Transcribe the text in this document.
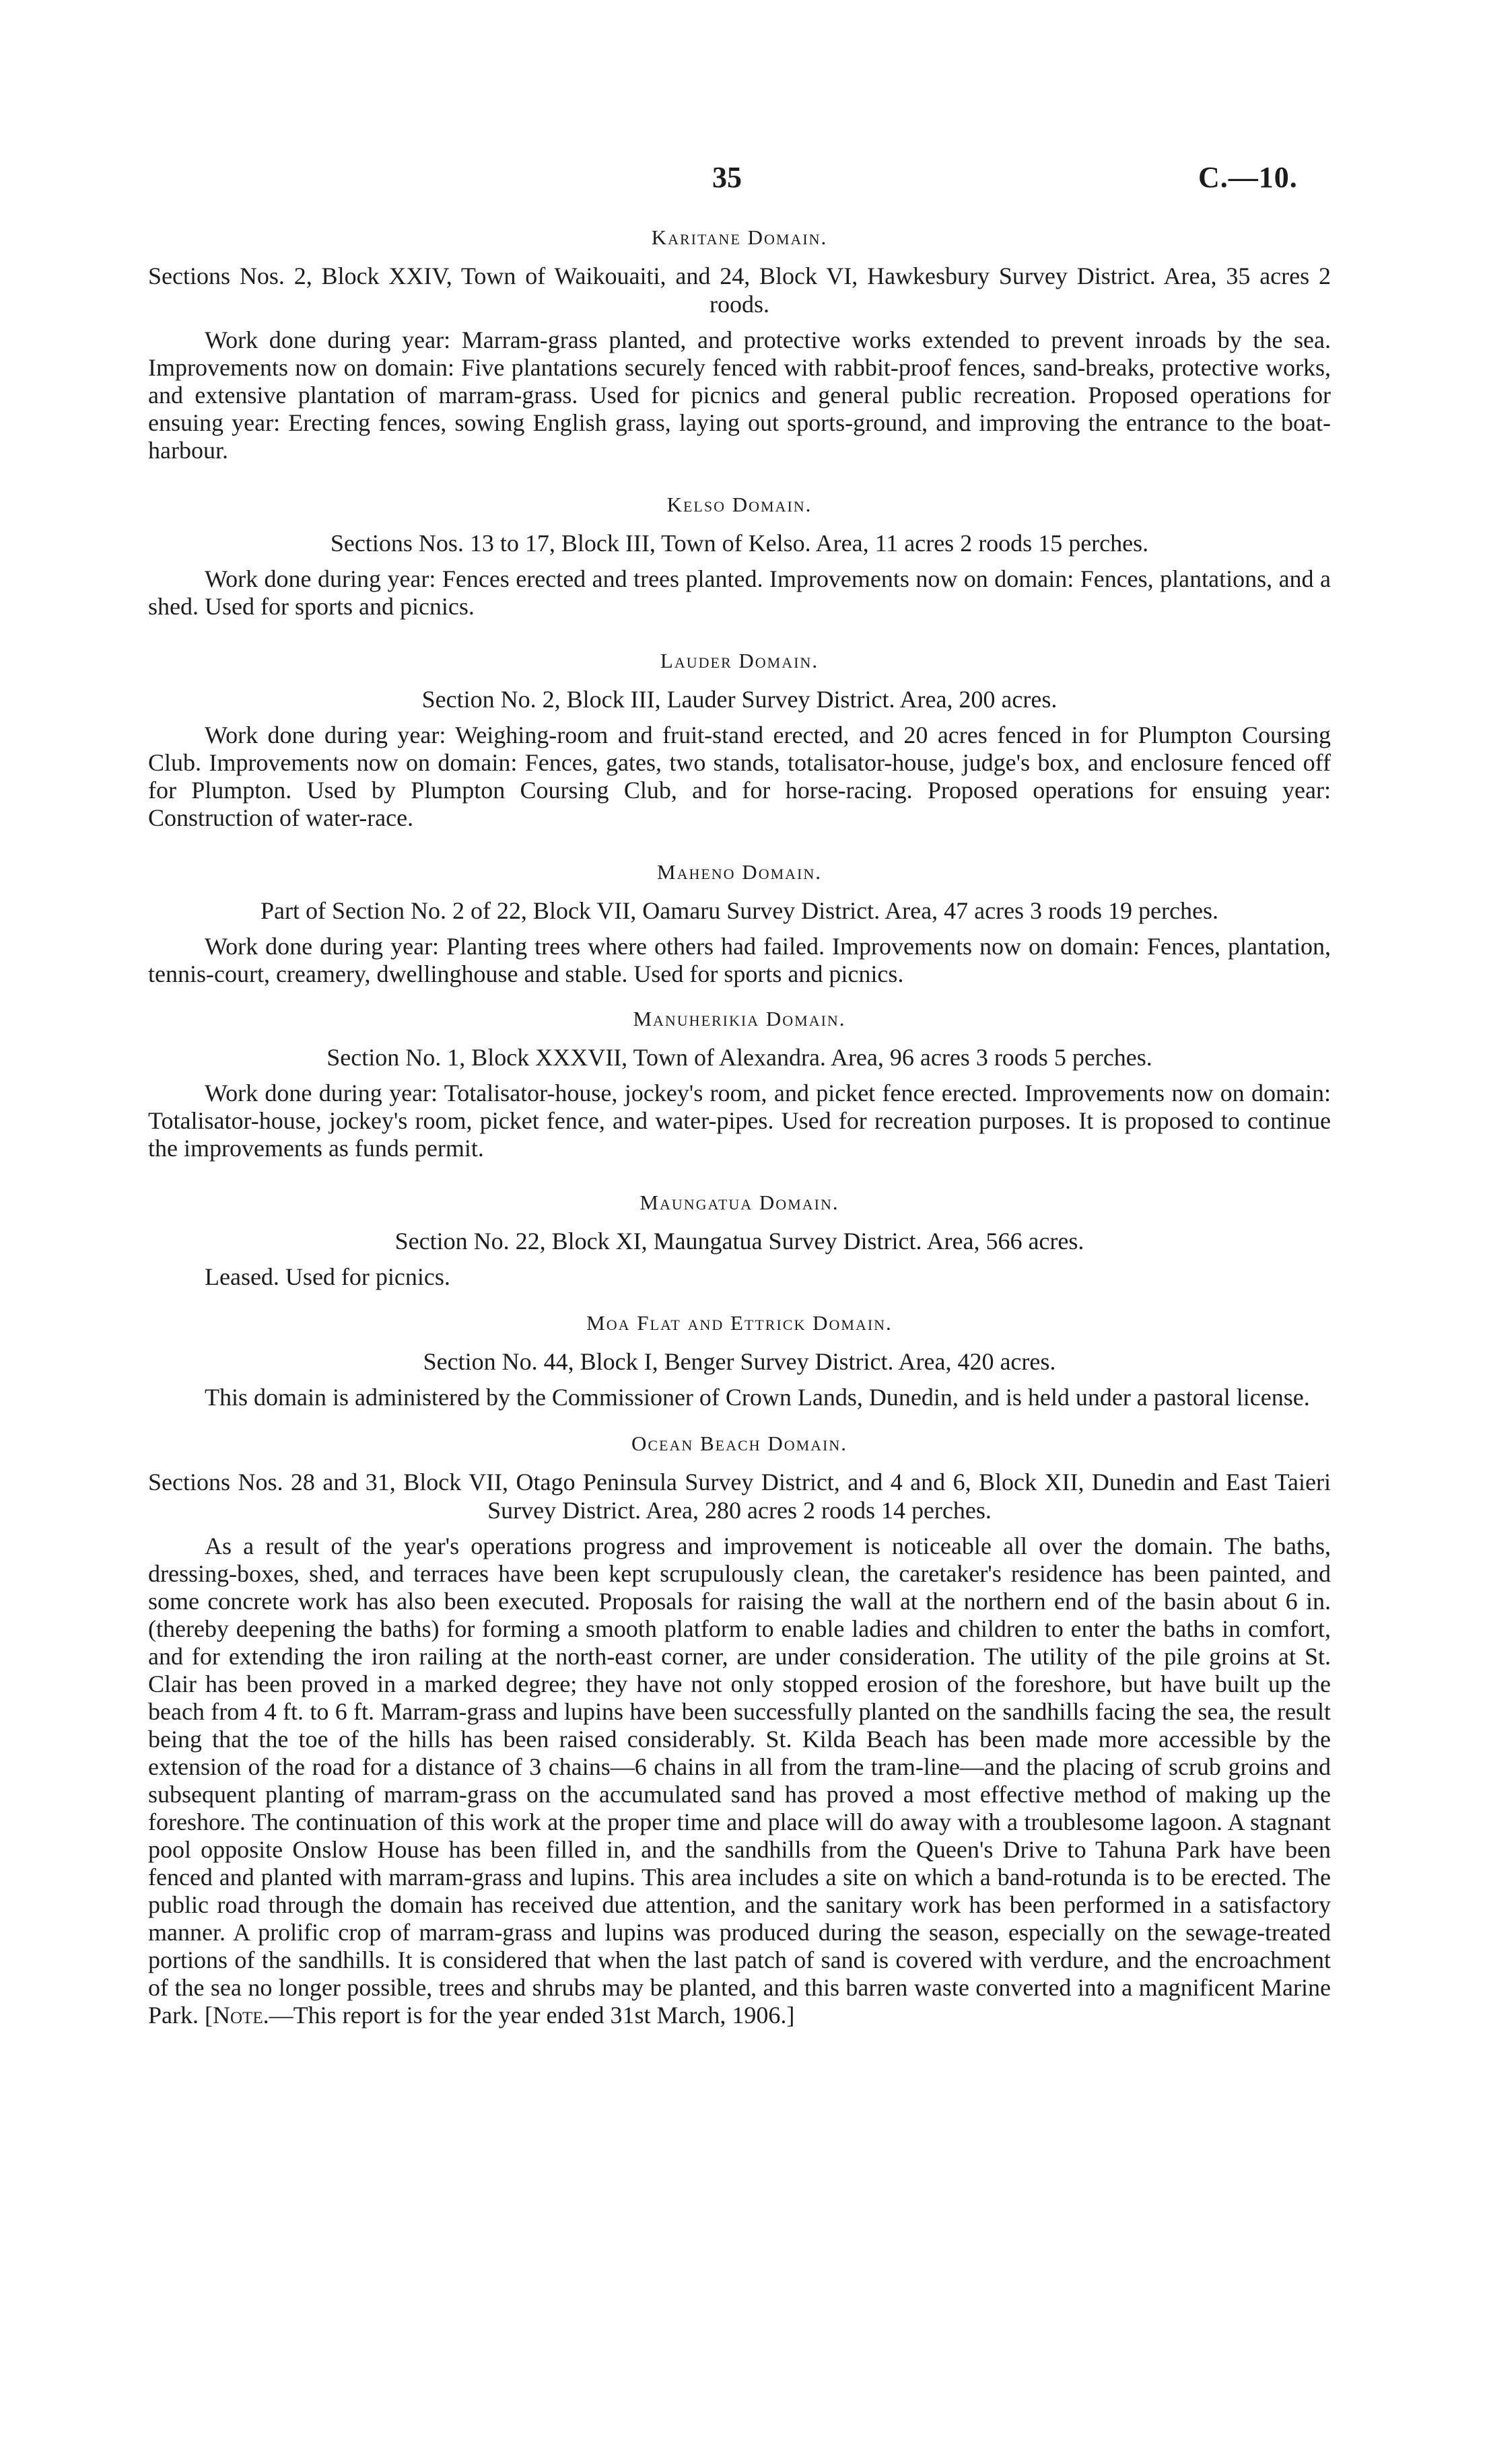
35	C.—10.
Karitane Domain.

Sections Nos. 2, Block XXIV, Town of Waikouaiti, and 24, Block VI, Hawkesbury Survey District. Area, 35 acres 2 roods.

Work done during year: Marram-grass planted, and protective works extended to prevent inroads by the sea. Improvements now on domain: Five plantations securely fenced with rabbit-proof fences, sand-breaks, protective works, and extensive plantation of marram-grass. Used for picnics and general public recreation. Proposed operations for ensuing year: Erecting fences, sowing English grass, laying out sports-ground, and improving the entrance to the boat-harbour.

Kelso Domain.

Sections Nos. 13 to 17, Block III, Town of Kelso. Area, 11 acres 2 roods 15 perches.

Work done during year: Fences erected and trees planted. Improvements now on domain: Fences, plantations, and a shed. Used for sports and picnics.

Lauder Domain.

Section No. 2, Block III, Lauder Survey District. Area, 200 acres.

Work done during year: Weighing-room and fruit-stand erected, and 20 acres fenced in for Plumpton Coursing Club. Improvements now on domain: Fences, gates, two stands, totalisator-house, judge's box, and enclosure fenced off for Plumpton. Used by Plumpton Coursing Club, and for horse-racing. Proposed operations for ensuing year: Construction of water-race.

Maheno Domain.

Part of Section No. 2 of 22, Block VII, Oamaru Survey District. Area, 47 acres 3 roods 19 perches.

Work done during year: Planting trees where others had failed. Improvements now on domain: Fences, plantation, tennis-court, creamery, dwellinghouse and stable. Used for sports and picnics.

Manuherikia Domain.

Section No. 1, Block XXXVII, Town of Alexandra. Area, 96 acres 3 roods 5 perches.

Work done during year: Totalisator-house, jockey's room, and picket fence erected. Improvements now on domain: Totalisator-house, jockey's room, picket fence, and water-pipes. Used for recreation purposes. It is proposed to continue the improvements as funds permit.

Maungatua Domain.

Section No. 22, Block XI, Maungatua Survey District. Area, 566 acres.

Leased. Used for picnics.

Moa Flat and Ettrick Domain.

Section No. 44, Block I, Benger Survey District. Area, 420 acres.

This domain is administered by the Commissioner of Crown Lands, Dunedin, and is held under a pastoral license.

Ocean Beach Domain.

Sections Nos. 28 and 31, Block VII, Otago Peninsula Survey District, and 4 and 6, Block XII, Dunedin and East Taieri Survey District. Area, 280 acres 2 roods 14 perches.

As a result of the year's operations progress and improvement is noticeable all over the domain. The baths, dressing-boxes, shed, and terraces have been kept scrupulously clean, the caretaker's residence has been painted, and some concrete work has also been executed. Proposals for raising the wall at the northern end of the basin about 6 in. (thereby deepening the baths) for forming a smooth platform to enable ladies and children to enter the baths in comfort, and for extending the iron railing at the north-east corner, are under consideration. The utility of the pile groins at St. Clair has been proved in a marked degree; they have not only stopped erosion of the foreshore, but have built up the beach from 4 ft. to 6 ft. Marram-grass and lupins have been successfully planted on the sandhills facing the sea, the result being that the toe of the hills has been raised considerably. St. Kilda Beach has been made more accessible by the extension of the road for a distance of 3 chains—6 chains in all from the tram-line—and the placing of scrub groins and subsequent planting of marram-grass on the accumulated sand has proved a most effective method of making up the foreshore. The continuation of this work at the proper time and place will do away with a troublesome lagoon. A stagnant pool opposite Onslow House has been filled in, and the sandhills from the Queen's Drive to Tahuna Park have been fenced and planted with marram-grass and lupins. This area includes a site on which a band-rotunda is to be erected. The public road through the domain has received due attention, and the sanitary work has been performed in a satisfactory manner. A prolific crop of marram-grass and lupins was produced during the season, especially on the sewage-treated portions of the sandhills. It is considered that when the last patch of sand is covered with verdure, and the encroachment of the sea no longer possible, trees and shrubs may be planted, and this barren waste converted into a magnificent Marine Park. [Note.—This report is for the year ended 31st March, 1906.]
